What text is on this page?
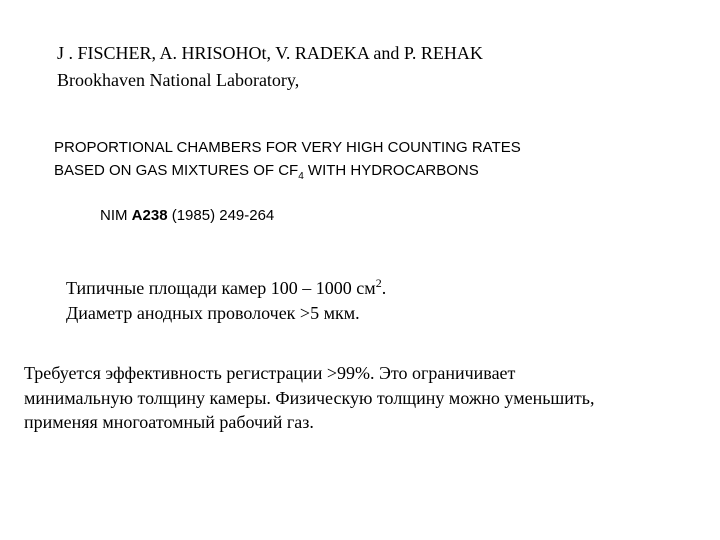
J . FISCHER, A. HRISOHOt, V. RADEKA and P. REHAK
Brookhaven National Laboratory,
PROPORTIONAL CHAMBERS FOR VERY HIGH COUNTING RATES
BASED ON GAS MIXTURES OF $CF_4$ WITH HYDROCARBONS
NIM A238 (1985) 249-264
Типичные площади камер 100 – 1000 $см^2$.
Диаметр анодных проволочек >5 мкм.
Требуется эффективность регистрации >99%. Это ограничивает
минимальную толщину камеры. Физическую толщину можно уменьшить,
применяя многоатомный рабочий газ.
